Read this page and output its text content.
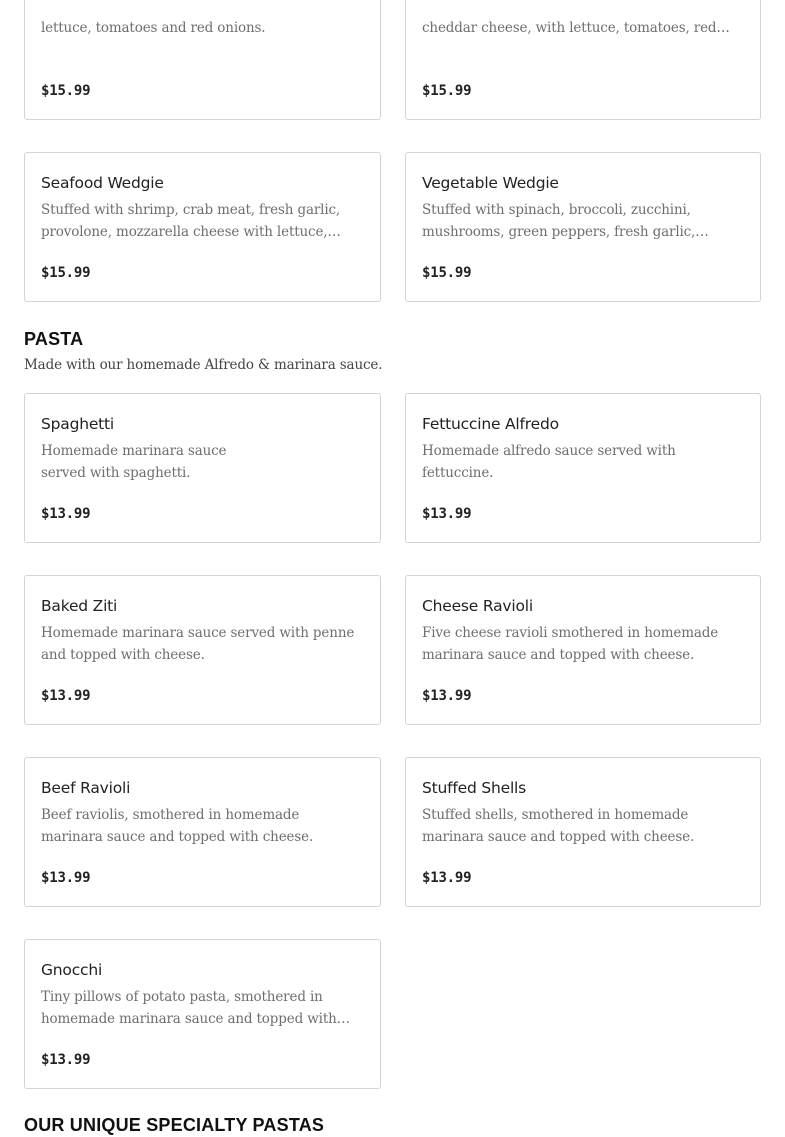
lettuce, tomatoes and red onions.
$15.99
cheddar cheese, with lettuce, tomatoes, red…
$15.99
Seafood Wedgie
Stuffed with shrimp, crab meat, fresh garlic, provolone, mozzarella cheese with lettuce,…
$15.99
Vegetable Wedgie
Stuffed with spinach, broccoli, zucchini, mushrooms, green peppers, fresh garlic,…
$15.99
PASTA
Made with our homemade Alfredo & marinara sauce.
Spaghetti
Homemade marinara sauce served with spaghetti.
$13.99
Fettuccine Alfredo
Homemade alfredo sauce served with fettuccine.
$13.99
Baked Ziti
Homemade marinara sauce served with penne and topped with cheese.
$13.99
Cheese Ravioli
Five cheese ravioli smothered in homemade marinara sauce and topped with cheese.
$13.99
Beef Ravioli
Beef raviolis, smothered in homemade marinara sauce and topped with cheese.
$13.99
Stuffed Shells
Stuffed shells, smothered in homemade marinara sauce and topped with cheese.
$13.99
Gnocchi
Tiny pillows of potato pasta, smothered in homemade marinara sauce and topped with…
$13.99
OUR UNIQUE SPECIALTY PASTAS
